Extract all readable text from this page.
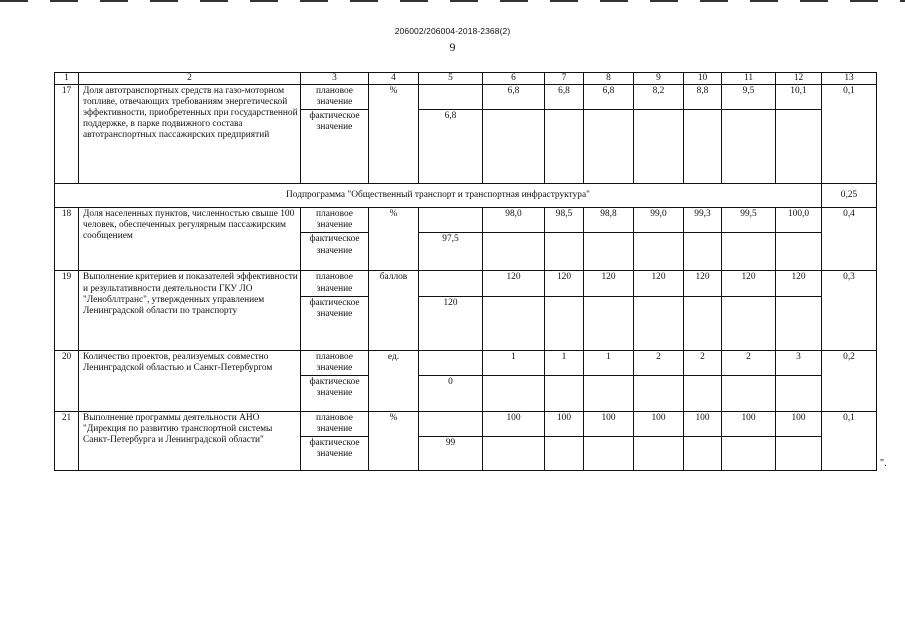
206002/206004-2018-2368(2)
9
1	2	3	4	5	6	7	8	9	10	11	12	13
17	Доля автотранспортных средств на газо-моторном топливе, отвечающих требованиям энергетической эффективности, приобретенных при государственной поддержке, в парке подвижного состава автотранспортных пассажирских предприятий	плановое значение	%		6,8	6,8	6,8	8,2	8,8	9,5	10,1	0,1
		фактическое значение		6,8								
Подпрограмма "Общественный транспорт и транспортная инфраструктура"												0,25
18	Доля населенных пунктов, численностью свыше 100 человек, обеспеченных регулярным пассажирским сообщением	плановое значение	%		98,0	98,5	98,8	99,0	99,3	99,5	100,0	0,4
		фактическое значение		97,5								
19	Выполнение критериев и показателей эффективности и результативности деятельности ГКУ ЛО "Ленобллтранс", утвержденных управлением Ленинградской области по транспорту	плановое значение	баллов		120	120	120	120	120	120	120	0,3
		фактическое значение		120								
20	Количество проектов, реализуемых совместно Ленинградской областью и Санкт-Петербургом	плановое значение	ед.		1	1	1	2	2	2	3	0,2
		фактическое значение		0								
21	Выполнение программы деятельности АНО "Дирекция по развитию транспортной системы Санкт-Петербурга и Ленинградской области"	плановое значение	%		100	100	100	100	100	100	100	0,1
		фактическое значение		99								
".
